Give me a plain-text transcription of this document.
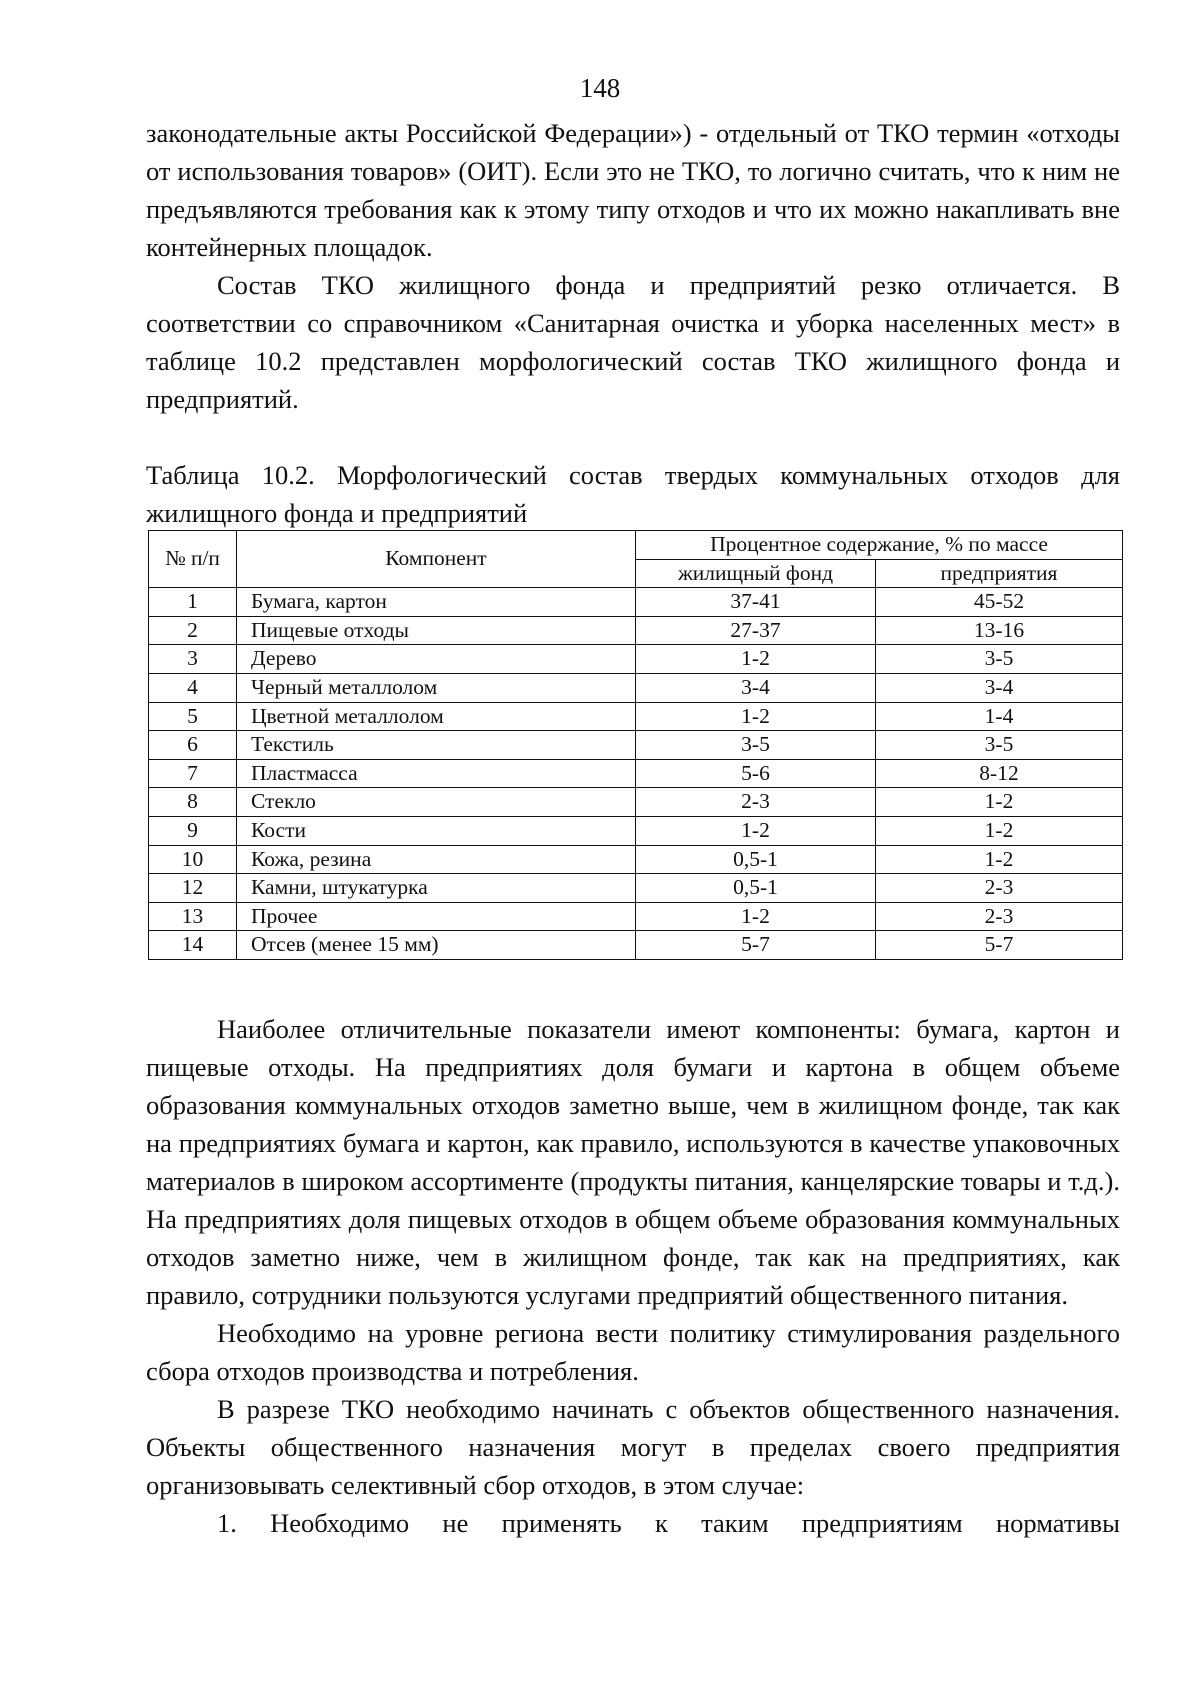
148

законодательные акты Российской Федерации») - отдельный от ТКО термин «отходы от использования товаров» (ОИТ). Если это не ТКО, то логично считать, что к ним не предъявляются требования как к этому типу отходов и что их можно накапливать вне контейнерных площадок.

Состав ТКО жилищного фонда и предприятий резко отличается. В соответствии со справочником «Санитарная очистка и уборка населенных мест» в таблице 10.2 представлен морфологический состав ТКО жилищного фонда и предприятий.

Таблица 10.2. Морфологический состав твердых коммунальных отходов для жилищного фонда и предприятий

№ п/п	Компонент	Процентное содержание, % по массе	
		жилищный фонд	предприятия
1	Бумага, картон	37-41	45-52
2	Пищевые отходы	27-37	13-16
3	Дерево	1-2	3-5
4	Черный металлолом	3-4	3-4
5	Цветной металлолом	1-2	1-4
6	Текстиль	3-5	3-5
7	Пластмасса	5-6	8-12
8	Стекло	2-3	1-2
9	Кости	1-2	1-2
10	Кожа, резина	0,5-1	1-2
12	Камни, штукатурка	0,5-1	2-3
13	Прочее	1-2	2-3
14	Отсев (менее 15 мм)	5-7	5-7

Наиболее отличительные показатели имеют компоненты: бумага, картон и пищевые отходы. На предприятиях доля бумаги и картона в общем объеме образования коммунальных отходов заметно выше, чем в жилищном фонде, так как на предприятиях бумага и картон, как правило, используются в качестве упаковочных материалов в широком ассортименте (продукты питания, канцелярские товары и т.д.). На предприятиях доля пищевых отходов в общем объеме образования коммунальных отходов заметно ниже, чем в жилищном фонде, так как на предприятиях, как правило, сотрудники пользуются услугами предприятий общественного питания.

Необходимо на уровне региона вести политику стимулирования раздельного сбора отходов производства и потребления.

В разрезе ТКО необходимо начинать с объектов общественного назначения. Объекты общественного назначения могут в пределах своего предприятия организовывать селективный сбор отходов, в этом случае:

1. Необходимо не применять к таким предприятиям нормативы
